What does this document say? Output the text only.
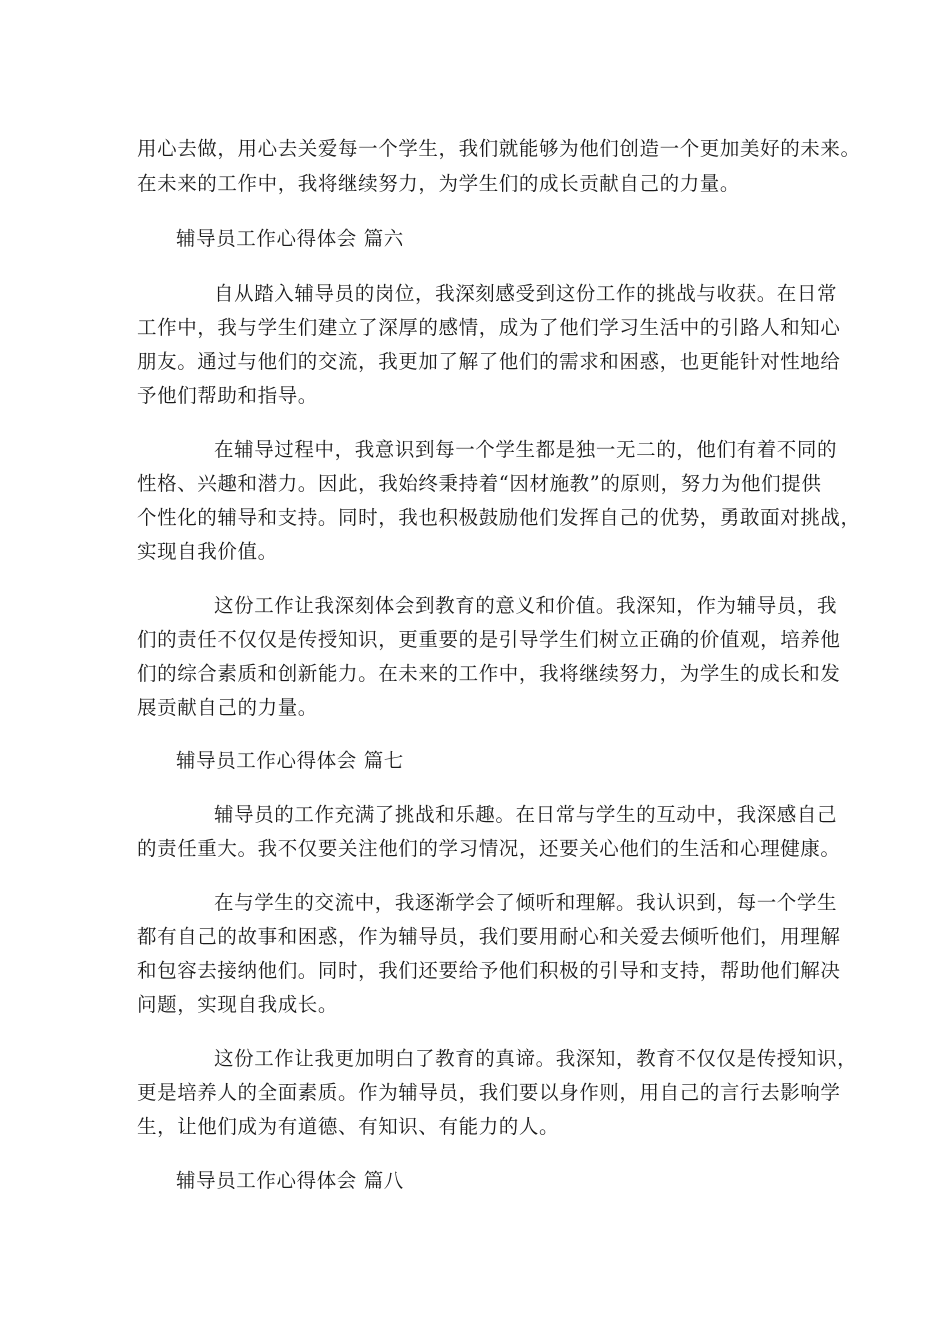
用心去做，用心去关爱每一个学生，我们就能够为他们创造一个更加美好的未来。
在未来的工作中，我将继续努力，为学生们的成长贡献自己的力量。
辅导员工作心得体会 篇六
自从踏入辅导员的岗位，我深刻感受到这份工作的挑战与收获。在日常
工作中，我与学生们建立了深厚的感情，成为了他们学习生活中的引路人和知心
朋友。通过与他们的交流，我更加了解了他们的需求和困惑，也更能针对性地给
予他们帮助和指导。
在辅导过程中，我意识到每一个学生都是独一无二的，他们有着不同的
性格、兴趣和潜力。因此，我始终秉持着“因材施教”的原则，努力为他们提供
个性化的辅导和支持。同时，我也积极鼓励他们发挥自己的优势，勇敢面对挑战，
实现自我价值。
这份工作让我深刻体会到教育的意义和价值。我深知，作为辅导员，我
们的责任不仅仅是传授知识，更重要的是引导学生们树立正确的价值观，培养他
们的综合素质和创新能力。在未来的工作中，我将继续努力，为学生的成长和发
展贡献自己的力量。
辅导员工作心得体会 篇七
辅导员的工作充满了挑战和乐趣。在日常与学生的互动中，我深感自己
的责任重大。我不仅要关注他们的学习情况，还要关心他们的生活和心理健康。
在与学生的交流中，我逐渐学会了倾听和理解。我认识到，每一个学生
都有自己的故事和困惑，作为辅导员，我们要用耐心和关爱去倾听他们，用理解
和包容去接纳他们。同时，我们还要给予他们积极的引导和支持，帮助他们解决
问题，实现自我成长。
这份工作让我更加明白了教育的真谛。我深知，教育不仅仅是传授知识，
更是培养人的全面素质。作为辅导员，我们要以身作则，用自己的言行去影响学
生，让他们成为有道德、有知识、有能力的人。
辅导员工作心得体会 篇八
